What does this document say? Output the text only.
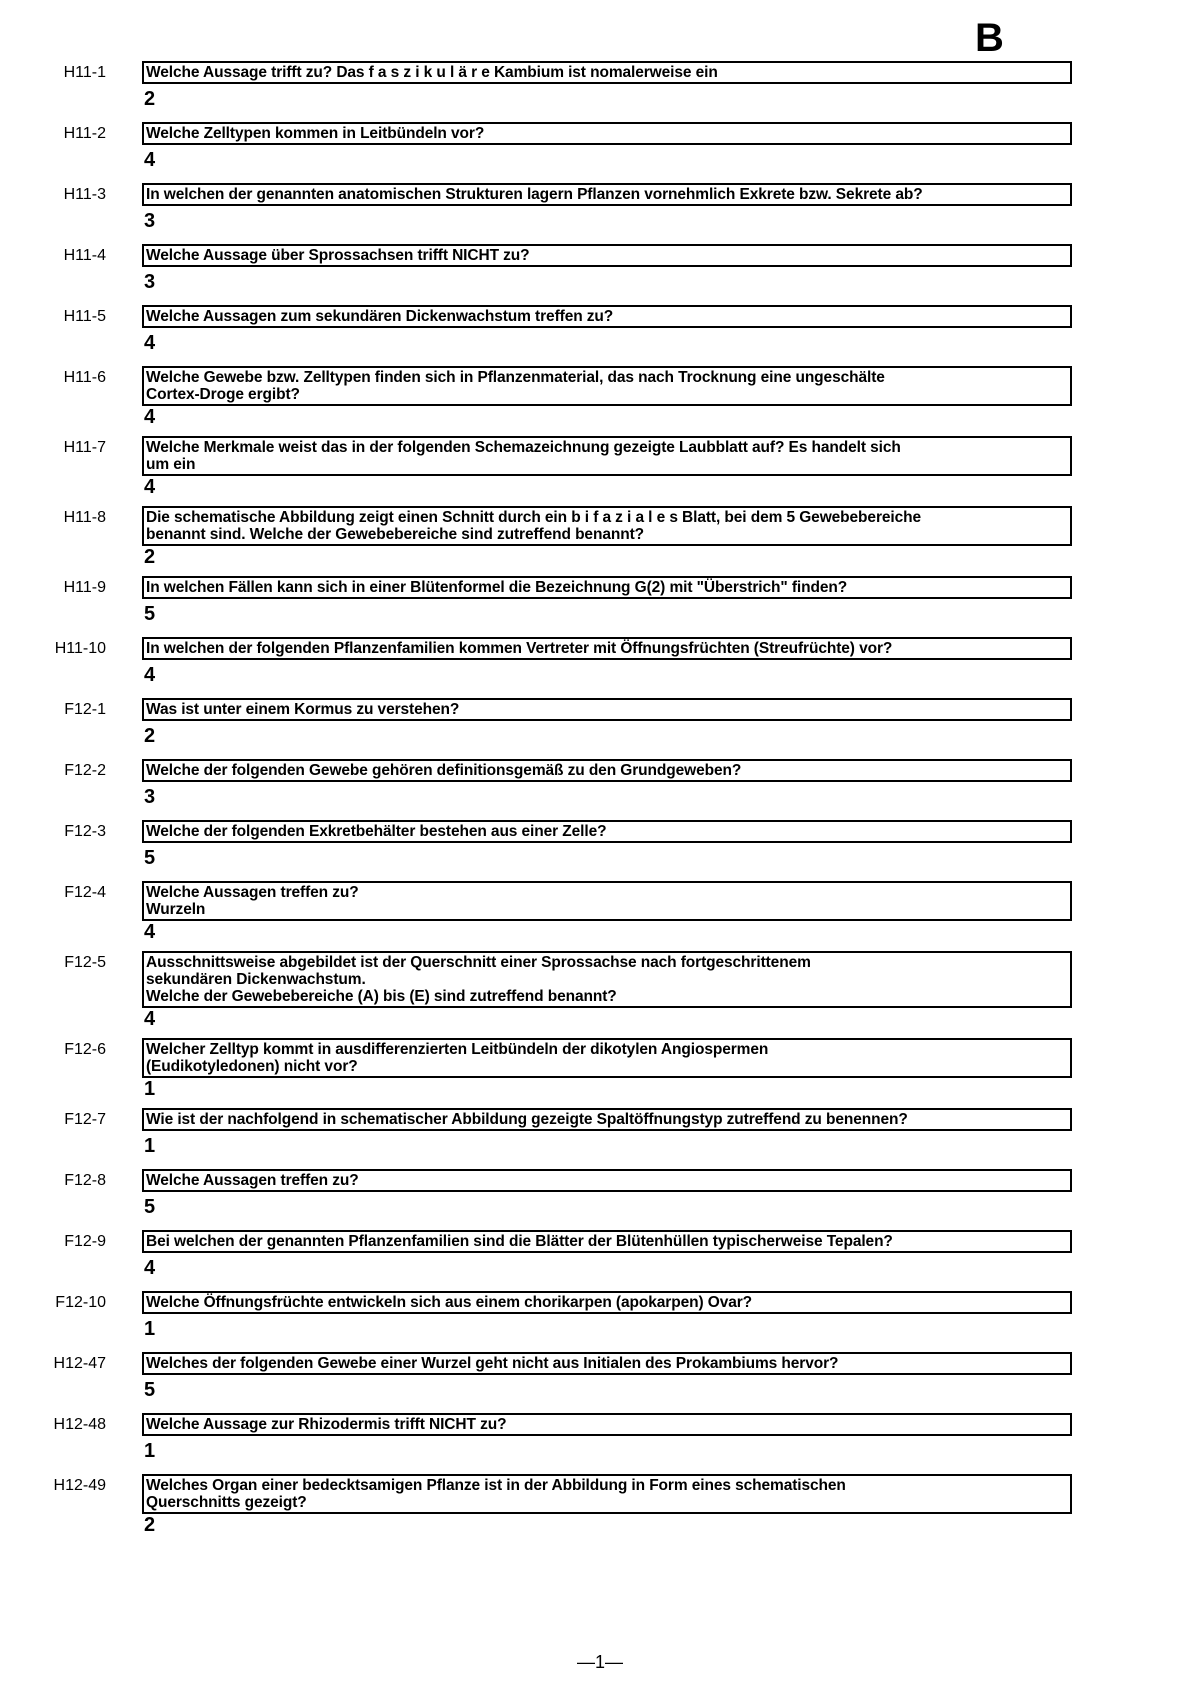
B
H11-1	Welche Aussage trifft zu? Das f a s z i k u l ä r e Kambium ist nomalerweise ein
2
H11-2	Welche Zelltypen kommen in Leitbündeln vor?
4
H11-3	In welchen der genannten anatomischen Strukturen lagern Pflanzen vornehmlich Exkrete bzw. Sekrete ab?
3
H11-4	Welche Aussage über Sprossachsen trifft NICHT zu?
3
H11-5	Welche Aussagen zum sekundären Dickenwachstum treffen zu?
4
H11-6	Welche Gewebe bzw. Zelltypen finden sich in Pflanzenmaterial, das nach Trocknung eine ungeschälte
Cortex-Droge ergibt?
4
H11-7	Welche Merkmale weist das in der folgenden Schemazeichnung gezeigte Laubblatt auf? Es handelt sich
um ein
4
H11-8	Die schematische Abbildung zeigt einen Schnitt durch ein b i f a z i a l e s Blatt, bei dem 5 Gewebebereiche
benannt sind. Welche der Gewebebereiche sind zutreffend benannt?
2
H11-9	In welchen Fällen kann sich in einer Blütenformel die Bezeichnung G(2) mit "Überstrich" finden?
5
H11-10	In welchen der folgenden Pflanzenfamilien kommen Vertreter mit Öffnungsfrüchten (Streufrüchte) vor?
4
F12-1	Was ist unter einem Kormus zu verstehen?
2
F12-2	Welche der folgenden Gewebe gehören definitionsgemäß zu den Grundgeweben?
3
F12-3	Welche der folgenden Exkretbehälter bestehen aus einer Zelle?
5
F12-4	Welche Aussagen treffen zu?
Wurzeln
4
F12-5	Ausschnittsweise abgebildet ist der Querschnitt einer Sprossachse nach fortgeschrittenem
sekundären Dickenwachstum.
Welche der Gewebebereiche (A) bis (E) sind zutreffend benannt?
4
F12-6	Welcher Zelltyp kommt in ausdifferenzierten Leitbündeln der dikotylen Angiospermen
(Eudikotyledonen) nicht vor?
1
F12-7	Wie ist der nachfolgend in schematischer Abbildung gezeigte Spaltöffnungstyp zutreffend zu benennen?
1
F12-8	Welche Aussagen treffen zu?
5
F12-9	Bei welchen der genannten Pflanzenfamilien sind die Blätter der Blütenhüllen typischerweise Tepalen?
4
F12-10	Welche Öffnungsfrüchte entwickeln sich aus einem chorikarpen (apokarpen) Ovar?
1
H12-47	Welches der folgenden Gewebe einer Wurzel geht nicht aus Initialen des Prokambiums hervor?
5
H12-48	Welche Aussage zur Rhizodermis trifft NICHT zu?
1
H12-49	Welches Organ einer bedecktsamigen Pflanze ist in der Abbildung in Form eines schematischen
Querschnitts gezeigt?
2
—1—
